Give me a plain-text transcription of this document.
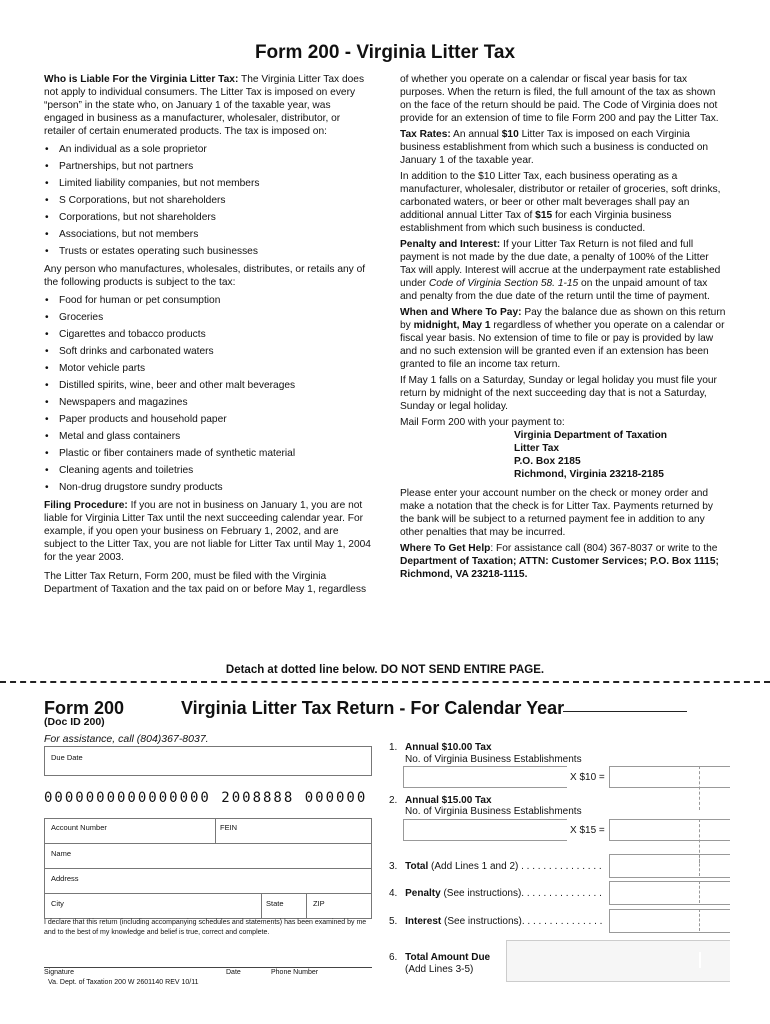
Form 200 - Virginia Litter Tax

Who is Liable For the Virginia Litter Tax: The Virginia Litter Tax does not apply to individual consumers. The Litter Tax is imposed on every “person” in the state who, on January 1 of the taxable year, was engaged in business as a manufacturer, wholesaler, distributor, or retailer of certain enumerated products. The tax is imposed on:

• An individual as a sole proprietor
• Partnerships, but not partners
• Limited liability companies, but not members
• S Corporations, but not shareholders
• Corporations, but not shareholders
• Associations, but not members
• Trusts or estates operating such businesses

Any person who manufactures, wholesales, distributes, or retails any of the following products is subject to the tax:

• Food for human or pet consumption
• Groceries
• Cigarettes and tobacco products
• Soft drinks and carbonated waters
• Motor vehicle parts
• Distilled spirits, wine, beer and other malt beverages
• Newspapers and magazines
• Paper products and household paper
• Metal and glass containers
• Plastic or fiber containers made of synthetic material
• Cleaning agents and toiletries
• Non-drug drugstore sundry products

Filing Procedure: If you are not in business on January 1, you are not liable for Virginia Litter Tax until the next succeeding calendar year. For example, if you open your business on February 1, 2002, and are subject to the Litter Tax, you are not liable for Litter Tax until May 1, 2004 for the year 2003.

The Litter Tax Return, Form 200, must be filed with the Virginia Department of Taxation and the tax paid on or before May 1, regardless

of whether you operate on a calendar or fiscal year basis for tax purposes. When the return is filed, the full amount of the tax as shown on the face of the return should be paid. The Code of Virginia does not provide for an extension of time to file Form 200 and pay the Litter Tax.

Tax Rates: An annual $10 Litter Tax is imposed on each Virginia business establishment from which such a business is conducted on January 1 of the taxable year.

In addition to the $10 Litter Tax, each business operating as a manufacturer, wholesaler, distributor or retailer of groceries, soft drinks, carbonated waters, or beer or other malt beverages shall pay an additional annual Litter Tax of $15 for each Virginia business establishment from which such business is conducted.

Penalty and Interest: If your Litter Tax Return is not filed and full payment is not made by the due date, a penalty of 100% of the Litter Tax will apply. Interest will accrue at the underpayment rate established under Code of Virginia Section 58. 1-15 on the unpaid amount of tax and penalty from the due date of the return until the time of payment.

When and Where To Pay: Pay the balance due as shown on this return by midnight, May 1 regardless of whether you operate on a calendar or fiscal year basis. No extension of time to file or pay is provided by law and no such extension will be granted even if an extension has been granted to file an income tax return.

If May 1 falls on a Saturday, Sunday or legal holiday you must file your return by midnight of the next succeeding day that is not a Saturday, Sunday or legal holiday.

Mail Form 200 with your payment to:

Virginia Department of Taxation
Litter Tax
P.O. Box 2185
Richmond, Virginia 23218-2185

Please enter your account number on the check or money order and make a notation that the check is for Litter Tax. Payments returned by the bank will be subject to a returned payment fee in addition to any other penalties that may be incurred.

Where To Get Help: For assistance call (804) 367-8037 or write to the Department of Taxation; ATTN: Customer Services; P.O. Box 1115; Richmond, VA 23218-1115.

Detach at dotted line below. DO NOT SEND ENTIRE PAGE.
Form 200
(Doc ID 200)
Virginia Litter Tax Return - For Calendar Year
For assistance, call (804)367-8037.
Due Date
0000000000000000 2008888 000000
Account Number	FEIN
Name
Address
City	State	ZIP
I declare that this return (including accompanying schedules and statements) has been examined by me and to the best of my knowledge and belief is true, correct and complete.
Signature	Date	Phone Number
Va. Dept. of Taxation 200 W 2601140 REV 10/11
1. Annual $10.00 Tax
No. of Virginia Business Establishments
X $10 =
2. Annual $15.00 Tax
No. of Virginia Business Establishments
X $15 =
3. Total (Add Lines 1 and 2) . . . . . . . . . . . . . . .
4. Penalty (See instructions). . . . . . . . . . . . . . .
5. Interest (See instructions). . . . . . . . . . . . . . .
6. Total Amount Due
(Add Lines 3-5)
